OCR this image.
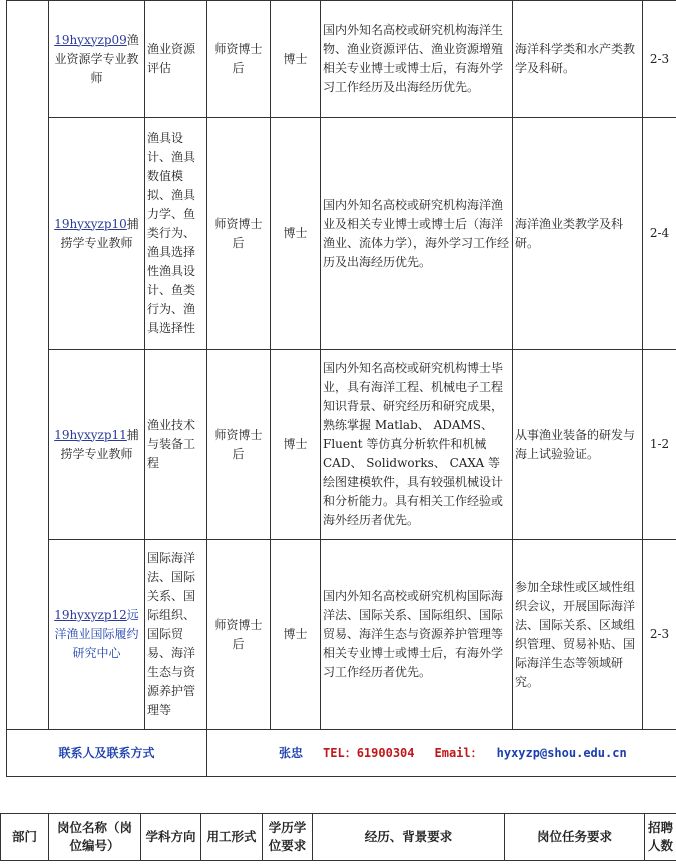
	19hyxyzp09渔业资源学专业教师	渔业资源评估	师资博士后	博士	国内外知名高校或研究机构海洋生物、渔业资源评估、渔业资源增殖相关专业博士或博士后，有海外学习工作经历及出海经历优先。	海洋科学类和水产类教学及科研。	2-3
	19hyxyzp10捕捞学专业教师	渔具设计、渔具数值模拟、渔具力学、鱼类行为、渔具选择性渔具设计、鱼类行为、渔具选择性	师资博士后	博士	国内外知名高校或研究机构海洋渔业及相关专业博士或博士后（海洋渔业、流体力学），海外学习工作经历及出海经历优先。	海洋渔业类教学及科研。	2-4
	19hyxyzp11捕捞学专业教师	渔业技术与装备工程	师资博士后	博士	国内外知名高校或研究机构博士毕业，具有海洋工程、机械电子工程知识背景、研究经历和研究成果，熟练掌握 Matlab、 ADAMS、Fluent 等仿真分析软件和机械CAD、 Solidworks、 CAXA 等绘图建模软件，具有较强机械设计和分析能力。具有相关工作经验或海外经历者优先。	从事渔业装备的研发与海上试验验证。	1-2
	19hyxyzp12远洋渔业国际履约研究中心	国际海洋法、国际关系、国际组织、国际贸易、海洋生态与资源养护管理等	师资博士后	博士	国内外知名高校或研究机构国际海洋法、国际关系、国际组织、国际贸易、海洋生态与资源养护管理等相关专业博士或博士后，有海外学习工作经历者优先。	参加全球性或区域性组织会议，开展国际海洋法、国际关系、区域组织管理、贸易补贴、国际海洋生态等领域研究。	2-3
联系人及联系方式			张忠 TEL：61900304 Email： hyxyzp@shou.edu.cn				
部门	岗位名称（岗位编号）	学科方向	用工形式	学历学位要求	经历、背景要求	岗位任务要求	招聘人数
